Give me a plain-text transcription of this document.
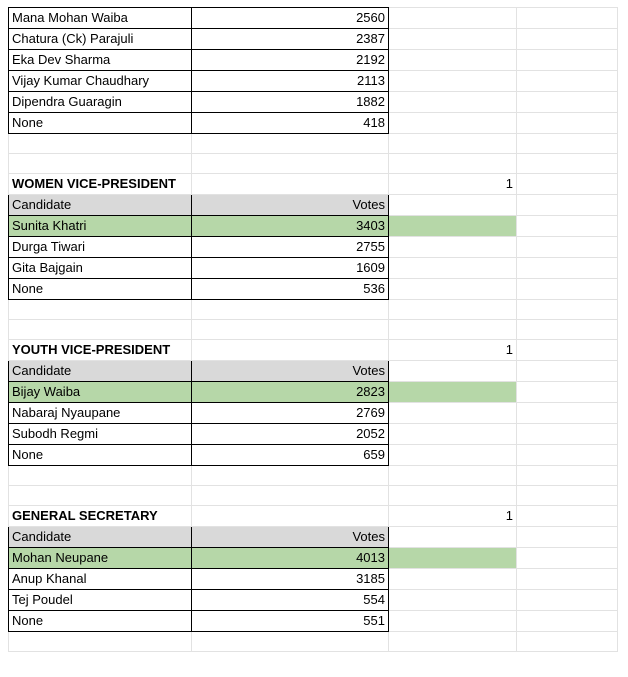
Mana Mohan Waiba	2560		
Chatura (Ck) Parajuli	2387		
Eka Dev Sharma	2192		
Vijay Kumar Chaudhary	2113		
Dipendra Guaragin	1882		
None	418		

WOMEN VICE-PRESIDENT		1	
Candidate	Votes		
Sunita Khatri	3403		
Durga Tiwari	2755		
Gita Bajgain	1609		
None	536		

YOUTH VICE-PRESIDENT		1	
Candidate	Votes		
Bijay Waiba	2823		
Nabaraj Nyaupane	2769		
Subodh Regmi	2052		
None	659		

GENERAL SECRETARY		1	
Candidate	Votes		
Mohan Neupane	4013		
Anup Khanal	3185		
Tej Poudel	554		
None	551		
